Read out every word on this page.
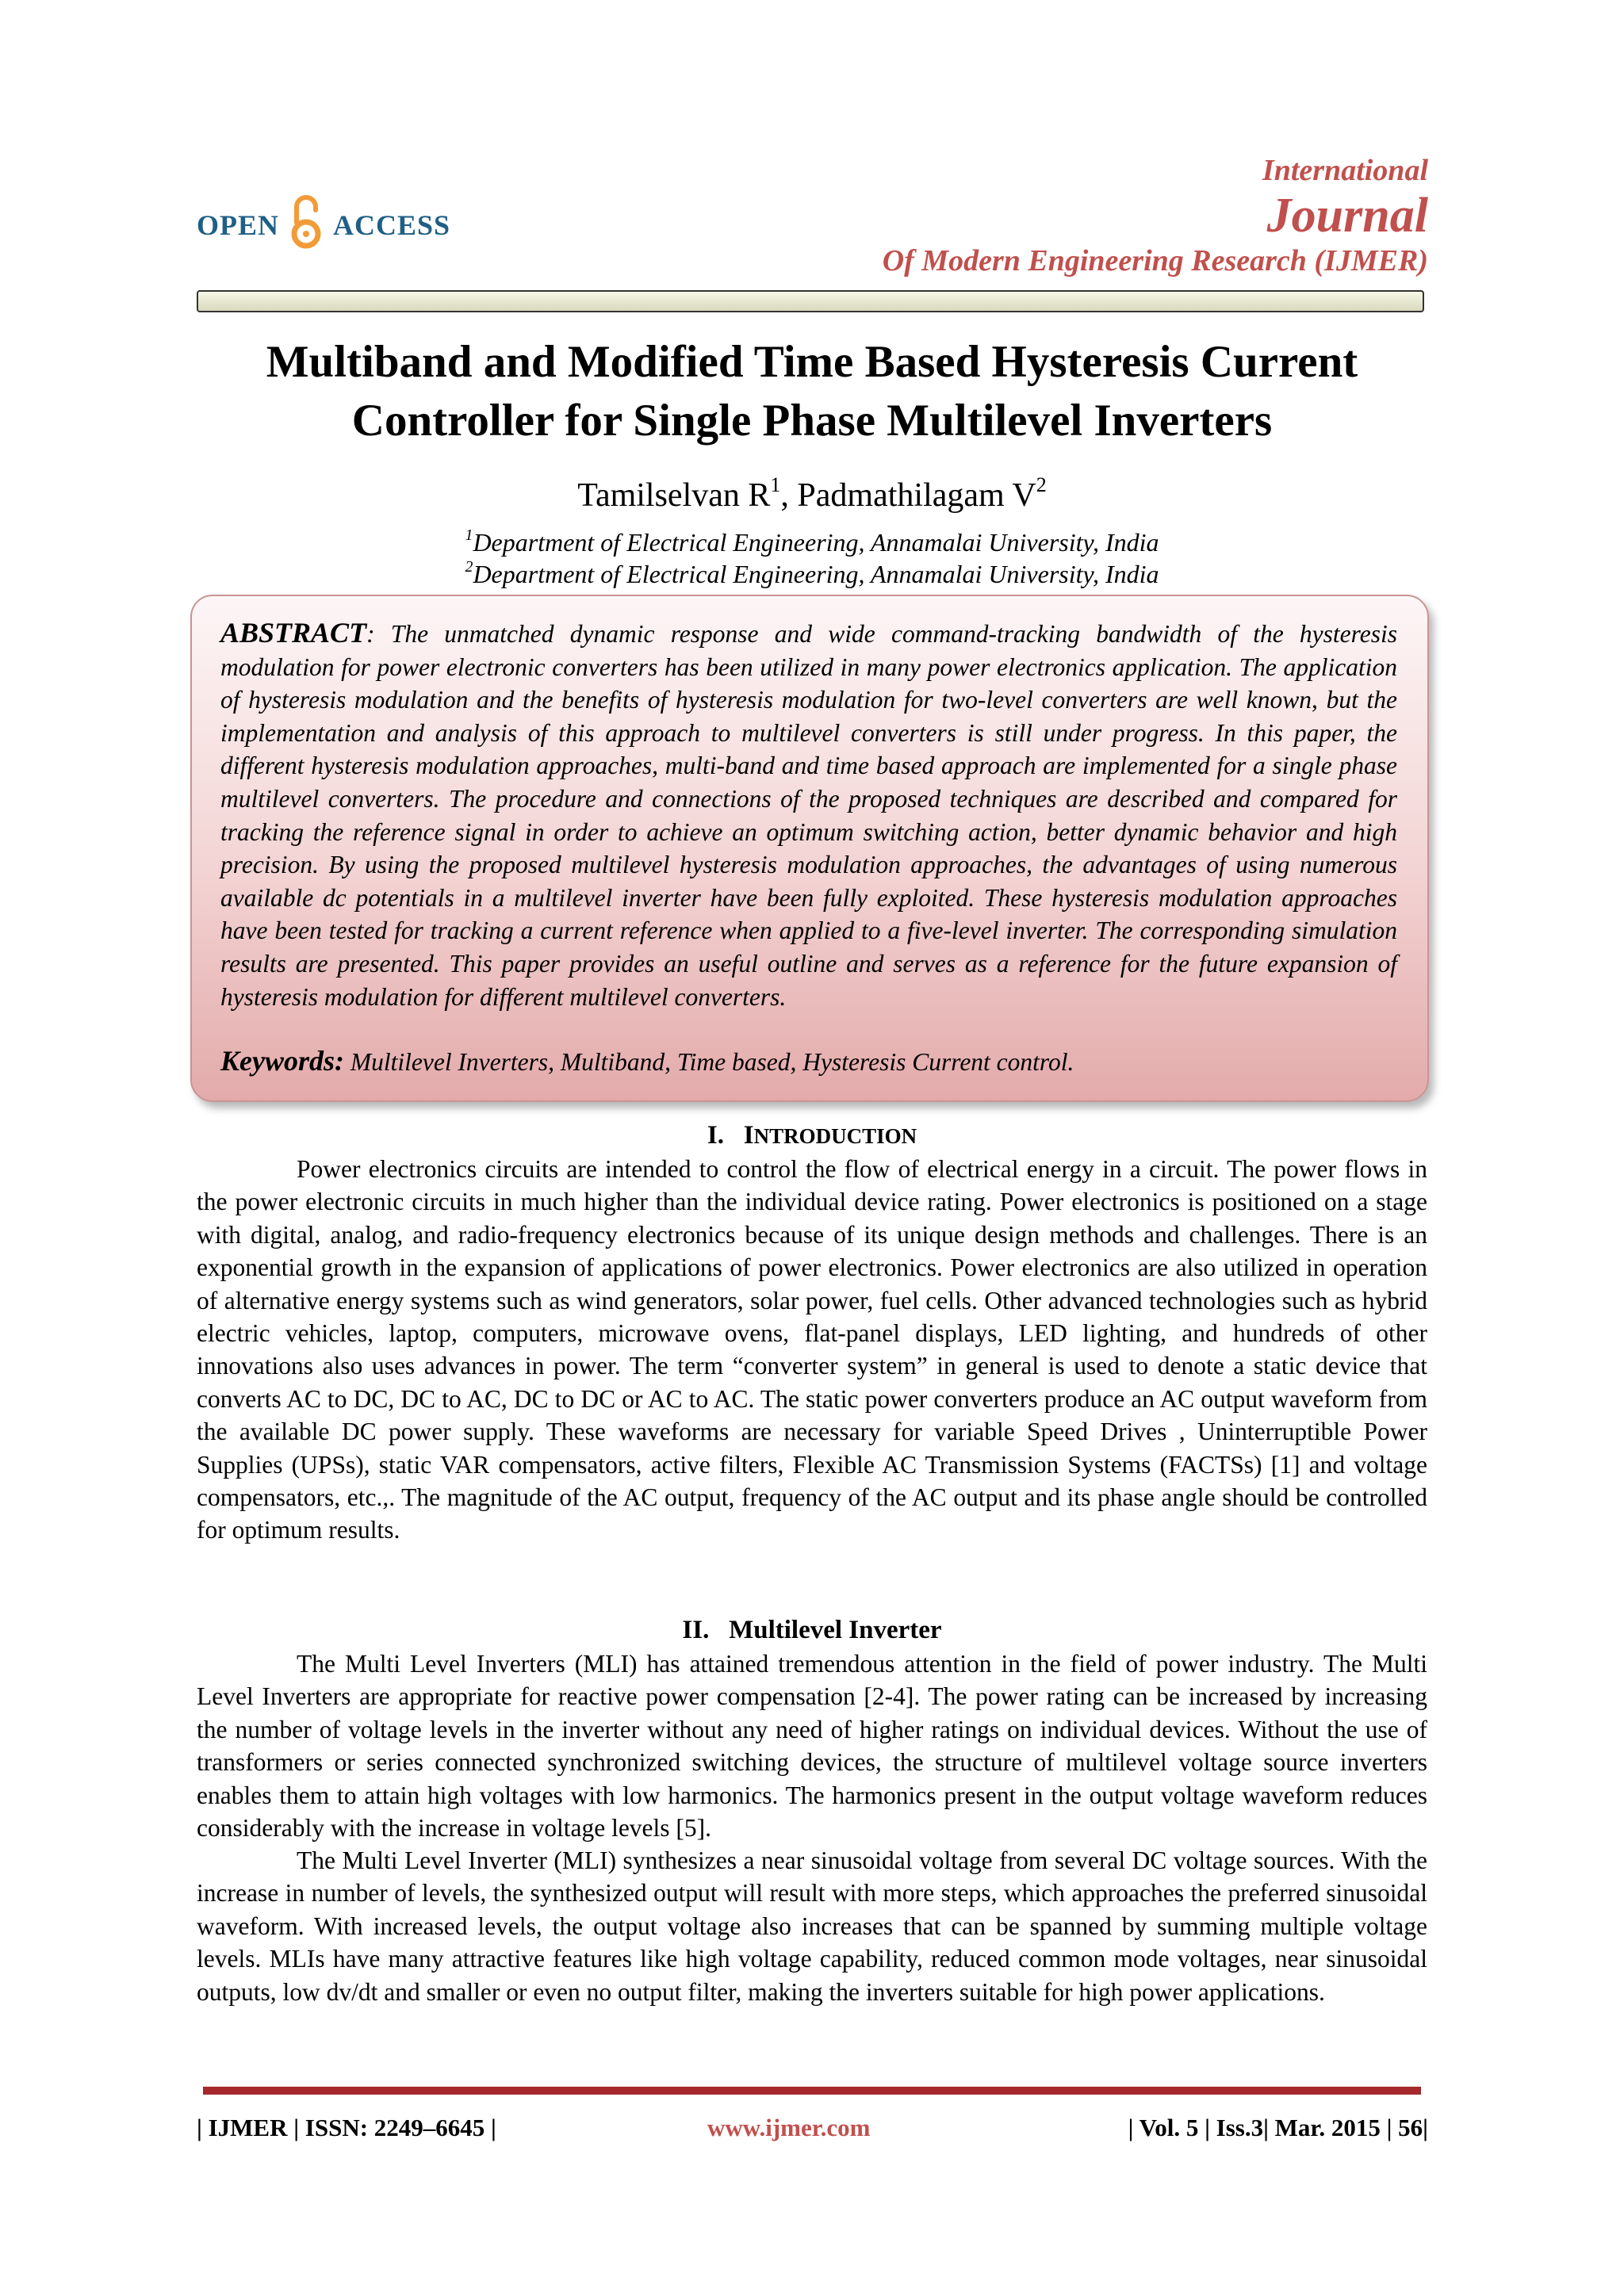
OPEN ACCESS
International
Journal
Of Modern Engineering Research (IJMER)
Multiband and Modified Time Based Hysteresis Current
Controller for Single Phase Multilevel Inverters
Tamilselvan $R^1$, Padmathilagam $V^2$
$^1$Department of Electrical Engineering, Annamalai University, India
$^2$Department of Electrical Engineering, Annamalai University, India
ABSTRACT: The unmatched dynamic response and wide command-tracking bandwidth of the hysteresis modulation for power electronic converters has been utilized in many power electronics application. The application of hysteresis modulation and the benefits of hysteresis modulation for two-level converters are well known, but the implementation and analysis of this approach to multilevel converters is still under progress. In this paper, the different hysteresis modulation approaches, multi-band and time based approach are implemented for a single phase multilevel converters. The procedure and connections of the proposed techniques are described and compared for tracking the reference signal in order to achieve an optimum switching action, better dynamic behavior and high precision. By using the proposed multilevel hysteresis modulation approaches, the advantages of using numerous available dc potentials in a multilevel inverter have been fully exploited. These hysteresis modulation approaches have been tested for tracking a current reference when applied to a five-level inverter. The corresponding simulation results are presented. This paper provides an useful outline and serves as a reference for the future expansion of hysteresis modulation for different multilevel converters.
Keywords: Multilevel Inverters, Multiband, Time based, Hysteresis Current control.
I. INTRODUCTION
Power electronics circuits are intended to control the flow of electrical energy in a circuit. The power flows in the power electronic circuits in much higher than the individual device rating. Power electronics is positioned on a stage with digital, analog, and radio-frequency electronics because of its unique design methods and challenges. There is an exponential growth in the expansion of applications of power electronics. Power electronics are also utilized in operation of alternative energy systems such as wind generators, solar power, fuel cells. Other advanced technologies such as hybrid electric vehicles, laptop, computers, microwave ovens, flat-panel displays, LED lighting, and hundreds of other innovations also uses advances in power. The term “converter system” in general is used to denote a static device that converts AC to DC, DC to AC, DC to DC or AC to AC. The static power converters produce an AC output waveform from the available DC power supply. These waveforms are necessary for variable Speed Drives , Uninterruptible Power Supplies (UPSs), static VAR compensators, active filters, Flexible AC Transmission Systems (FACTSs) [1] and voltage compensators, etc.,. The magnitude of the AC output, frequency of the AC output and its phase angle should be controlled for optimum results.
II. Multilevel Inverter
The Multi Level Inverters (MLI) has attained tremendous attention in the field of power industry. The Multi Level Inverters are appropriate for reactive power compensation [2-4]. The power rating can be increased by increasing the number of voltage levels in the inverter without any need of higher ratings on individual devices. Without the use of transformers or series connected synchronized switching devices, the structure of multilevel voltage source inverters enables them to attain high voltages with low harmonics. The harmonics present in the output voltage waveform reduces considerably with the increase in voltage levels [5].
The Multi Level Inverter (MLI) synthesizes a near sinusoidal voltage from several DC voltage sources. With the increase in number of levels, the synthesized output will result with more steps, which approaches the preferred sinusoidal waveform. With increased levels, the output voltage also increases that can be spanned by summing multiple voltage levels. MLIs have many attractive features like high voltage capability, reduced common mode voltages, near sinusoidal outputs, low dv/dt and smaller or even no output filter, making the inverters suitable for high power applications.
| IJMER | ISSN: 2249–6645 |	www.ijmer.com	| Vol. 5 | Iss.3| Mar. 2015 | 56|
